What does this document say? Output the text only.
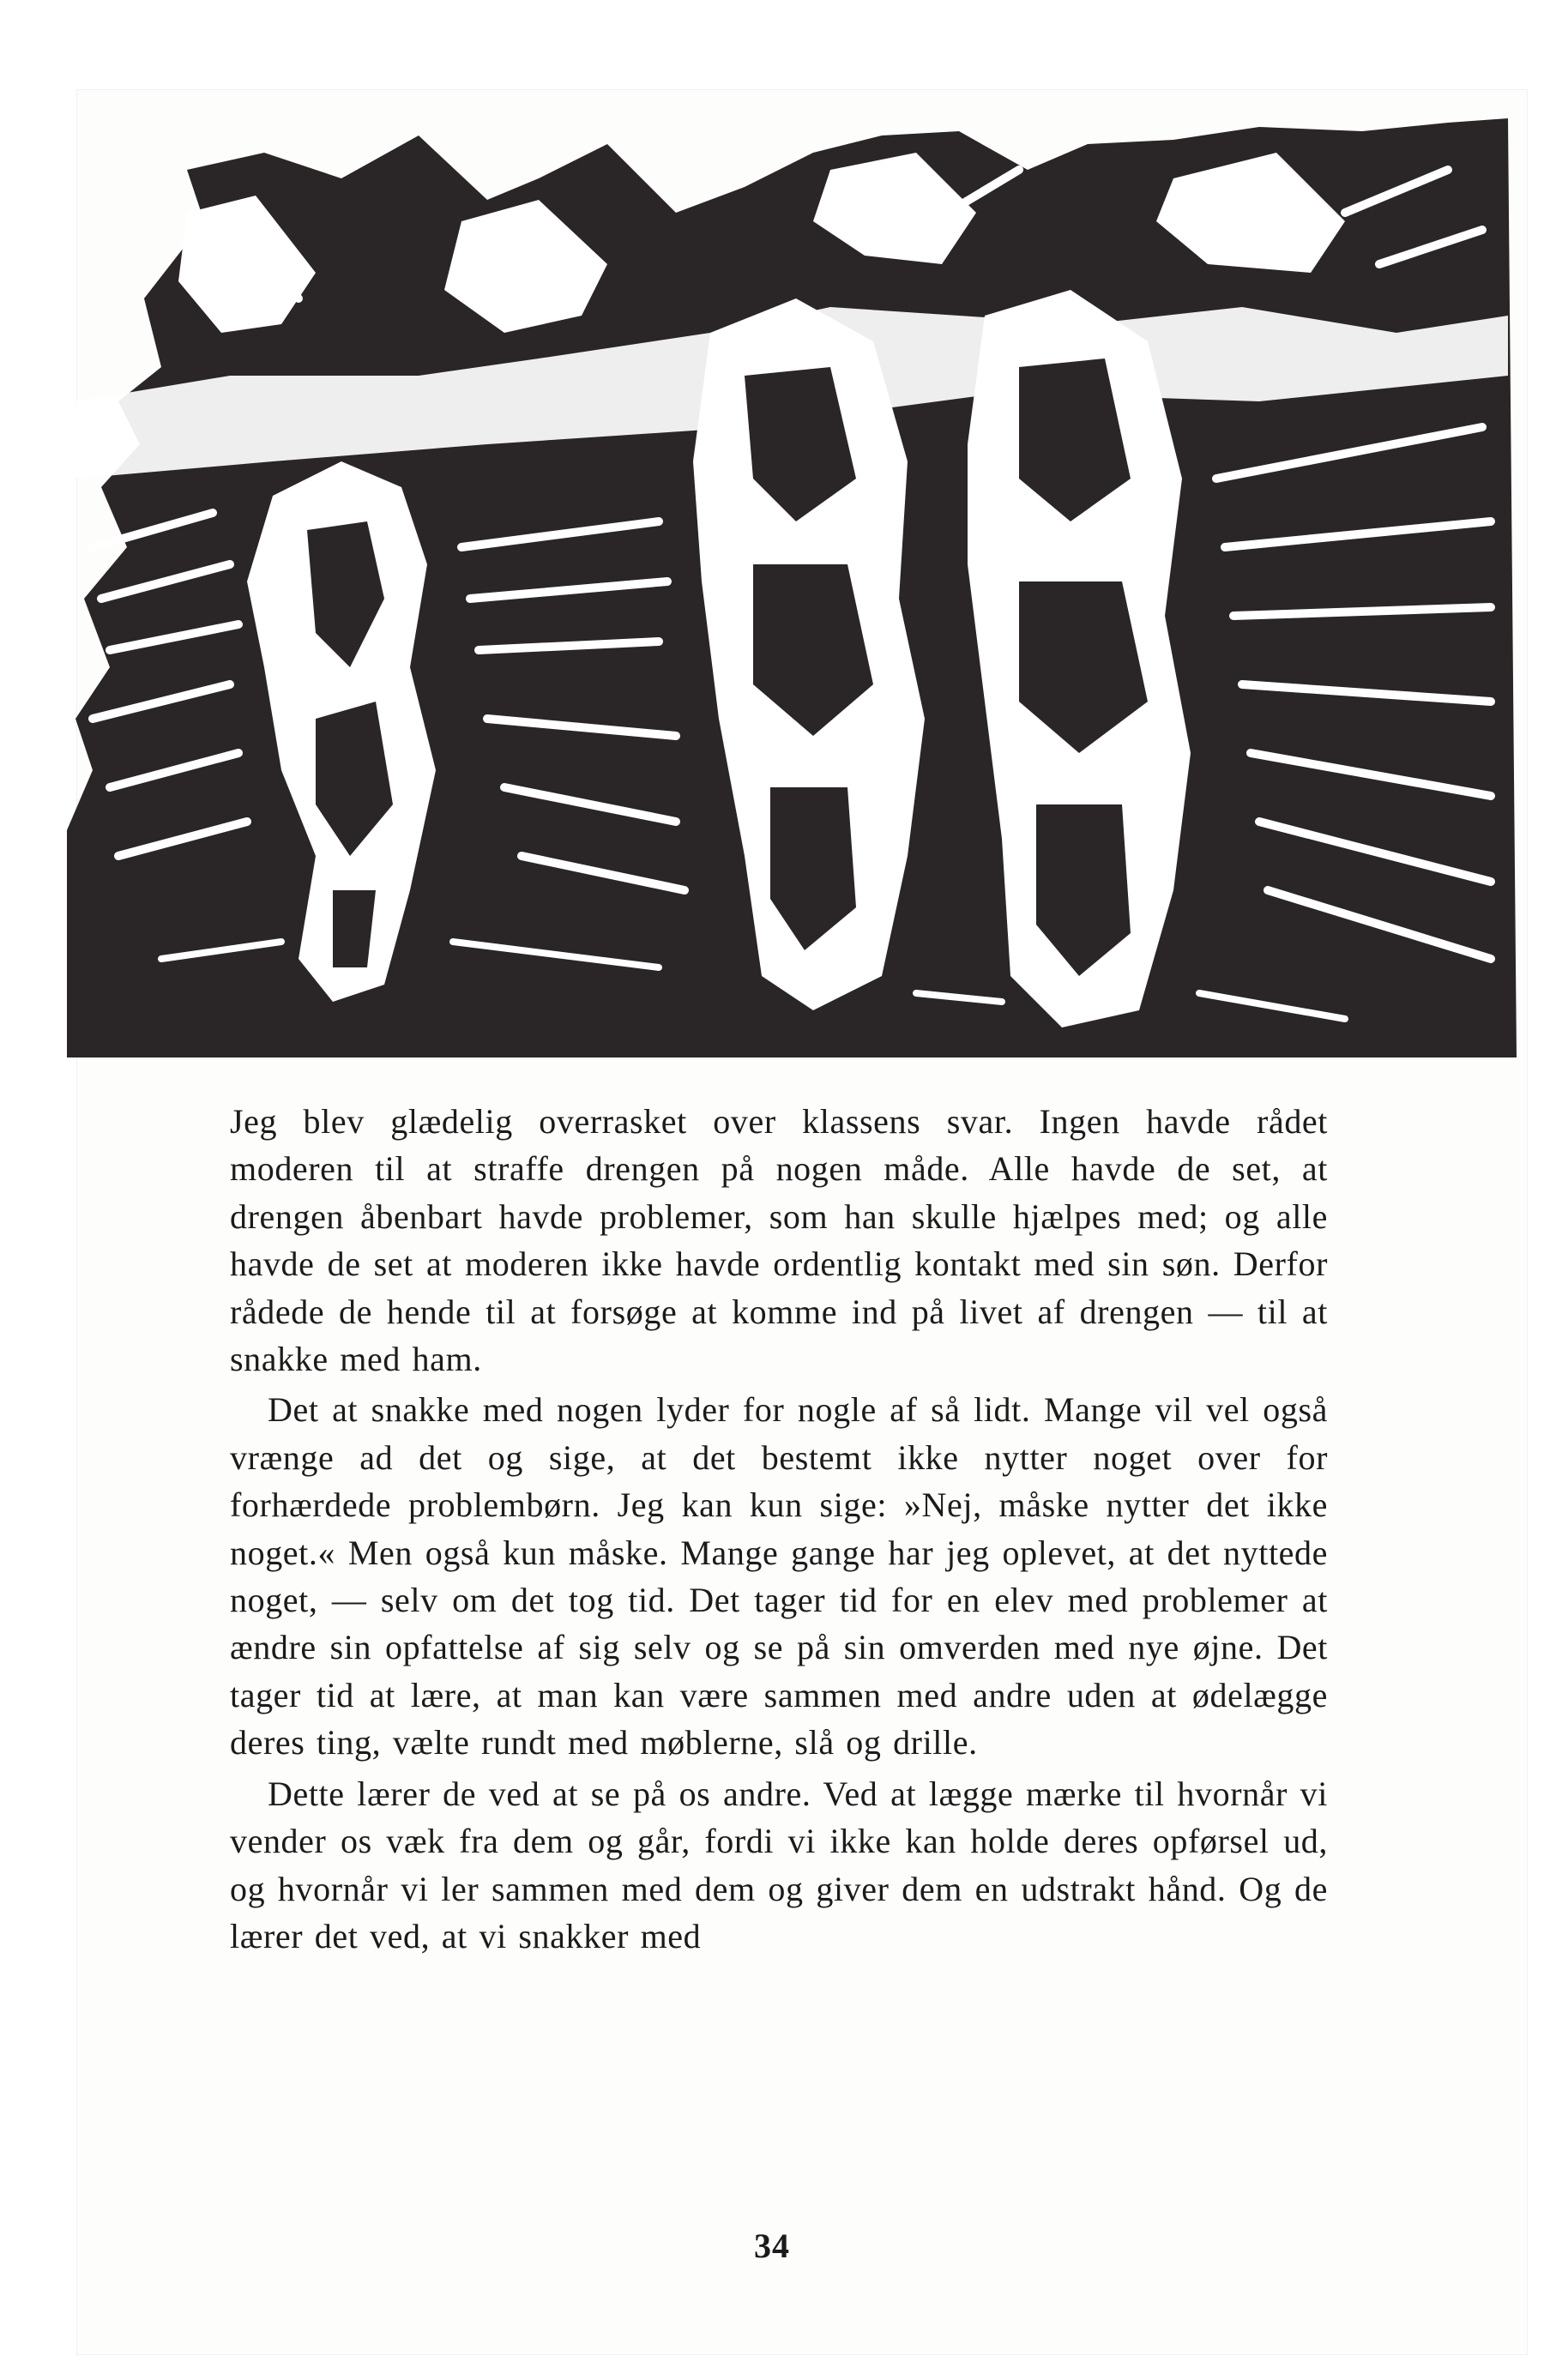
Jeg blev glædelig overrasket over klassens svar. Ingen havde rådet moderen til at straffe drengen på nogen måde. Alle havde de set, at drengen åbenbart havde problemer, som han skulle hjælpes med; og alle havde de set at moderen ikke havde ordentlig kontakt med sin søn. Derfor rådede de hende til at forsøge at komme ind på livet af drengen — til at snakke med ham.

Det at snakke med nogen lyder for nogle af så lidt. Mange vil vel også vrænge ad det og sige, at det bestemt ikke nytter noget over for forhærdede problembørn. Jeg kan kun sige: »Nej, måske nytter det ikke noget.« Men også kun måske. Mange gange har jeg oplevet, at det nyttede noget, — selv om det tog tid. Det tager tid for en elev med problemer at ændre sin opfattelse af sig selv og se på sin omverden med nye øjne. Det tager tid at lære, at man kan være sammen med andre uden at ødelægge deres ting, vælte rundt med møblerne, slå og drille.

Dette lærer de ved at se på os andre. Ved at lægge mærke til hvornår vi vender os væk fra dem og går, fordi vi ikke kan holde deres opførsel ud, og hvornår vi ler sammen med dem og giver dem en udstrakt hånd. Og de lærer det ved, at vi snakker med

34
